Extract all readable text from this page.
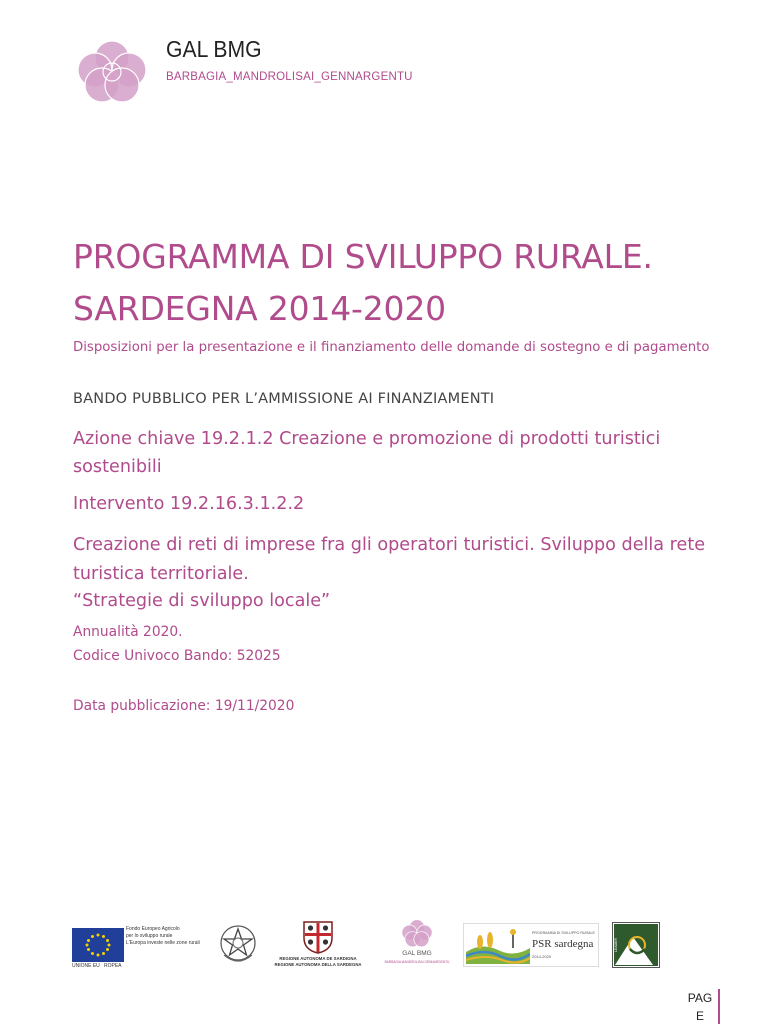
GAL BMG
BARBAGIA_MANDROLISAI_GENNARGENTU
PROGRAMMA DI SVILUPPO RURALE.
SARDEGNA 2014-2020
Disposizioni per la presentazione e il finanziamento delle domande di sostegno e di pagamento
BANDO PUBBLICO PER L’AMMISSIONE AI FINANZIAMENTI
Azione chiave 19.2.1.2 Creazione e promozione di prodotti turistici sostenibili
Intervento 19.2.16.3.1.2.2
Creazione di reti di imprese fra gli operatori turistici. Sviluppo della rete turistica territoriale.
“Strategie di sviluppo locale”
Annualità 2020.
Codice Univoco Bando: 52025
Data pubblicazione: 19/11/2020
Fondo Europeo Agricolo
per lo sviluppo rurale
L'Europa investe nelle zone rurali
UNIONE EU ROPEA
REGIONE AUTONOMA DE SARDIGNA
REGIONE AUTONOMA DELLA SARDEGNA
GAL BMG
BARBAGIA MANDROLISAI GENNARGENTU
PROGRAMMA DI SVILUPPO RURALE
PSR sardegna
2014-2020
LEADER
PAG
E
